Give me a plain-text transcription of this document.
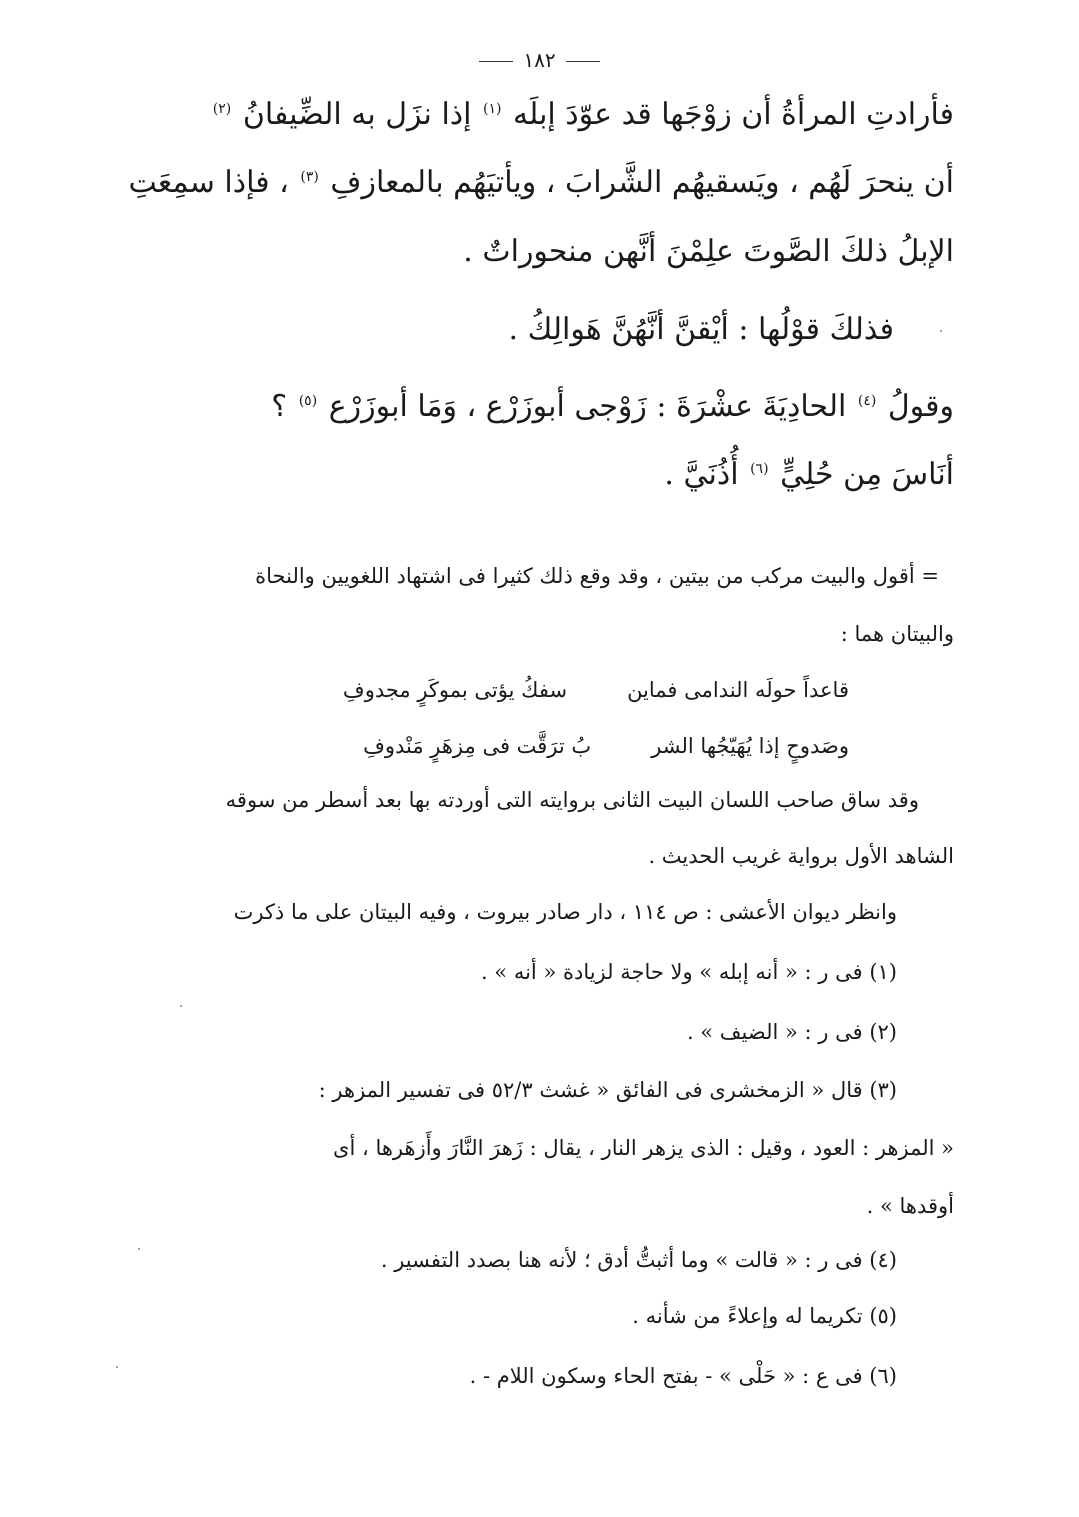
١٨٢
فأرادتِ المرأةُ أن زوْجَها قد عوّدَ إبلَه $^{(١)}$ إذا نزَل به الضِّيفانُ $^{(٢)}$
أن ينحرَ لَهُم ، ويَسقيهُم الشَّرابَ ، ويأتيَهُم بالمعازفِ $^{(٣)}$ ، فإذا سمِعَتِ
الإبلُ ذلكَ الصَّوتَ علِمْنَ أنَّهن منحوراتٌ .
فذلكَ قوْلُها : أيْقنَّ أنَّهُنَّ هَوالِكُ .
وقولُ $^{(٤)}$ الحادِيَةَ عشْرَةَ : زَوْجى أبوزَرْع ، وَمَا أبوزَرْع $^{(٥)}$ ؟
أنَاسَ مِن حُلِيٍّ $^{(٦)}$ أُذُنَيَّ .
= أقول والبيت مركب من بيتين ، وقد وقع ذلك كثيرا فى اشتهاد اللغويين والنحاة
والبيتان هما :
قاعداً حولَه الندامى فماين
سفكُ يؤتى بموكَرٍ مجدوفِ
وصَدوحٍ إذا يُهَيّجُها الشر
بُ ترَقَّت فى مِزهَرٍ مَنْدوفِ
وقد ساق صاحب اللسان البيت الثانى بروايته التى أوردته بها بعد أسطر من سوقه
الشاهد الأول برواية غريب الحديث .
وانظر ديوان الأعشى : ص ١١٤ ، دار صادر بيروت ، وفيه البيتان على ما ذكرت
(١) فى ر : « أنه إبله » ولا حاجة لزيادة « أنه » .
(٢) فى ر : « الضيف » .
(٣) قال « الزمخشرى فى الفائق « غشث ٥٢/٣ فى تفسير المزهر :
« المزهر : العود ، وقيل : الذى يزهر النار ، يقال : زَهرَ النَّارَ وأَزهَرها ، أى
أوقدها » .
(٤) فى ر : « قالت » وما أثبتُّ أدق ؛ لأنه هنا بصدد التفسير .
(٥) تكريما له وإعلاءً من شأنه .
(٦) فى ع : « حَلْى » - بفتح الحاء وسكون اللام - .
